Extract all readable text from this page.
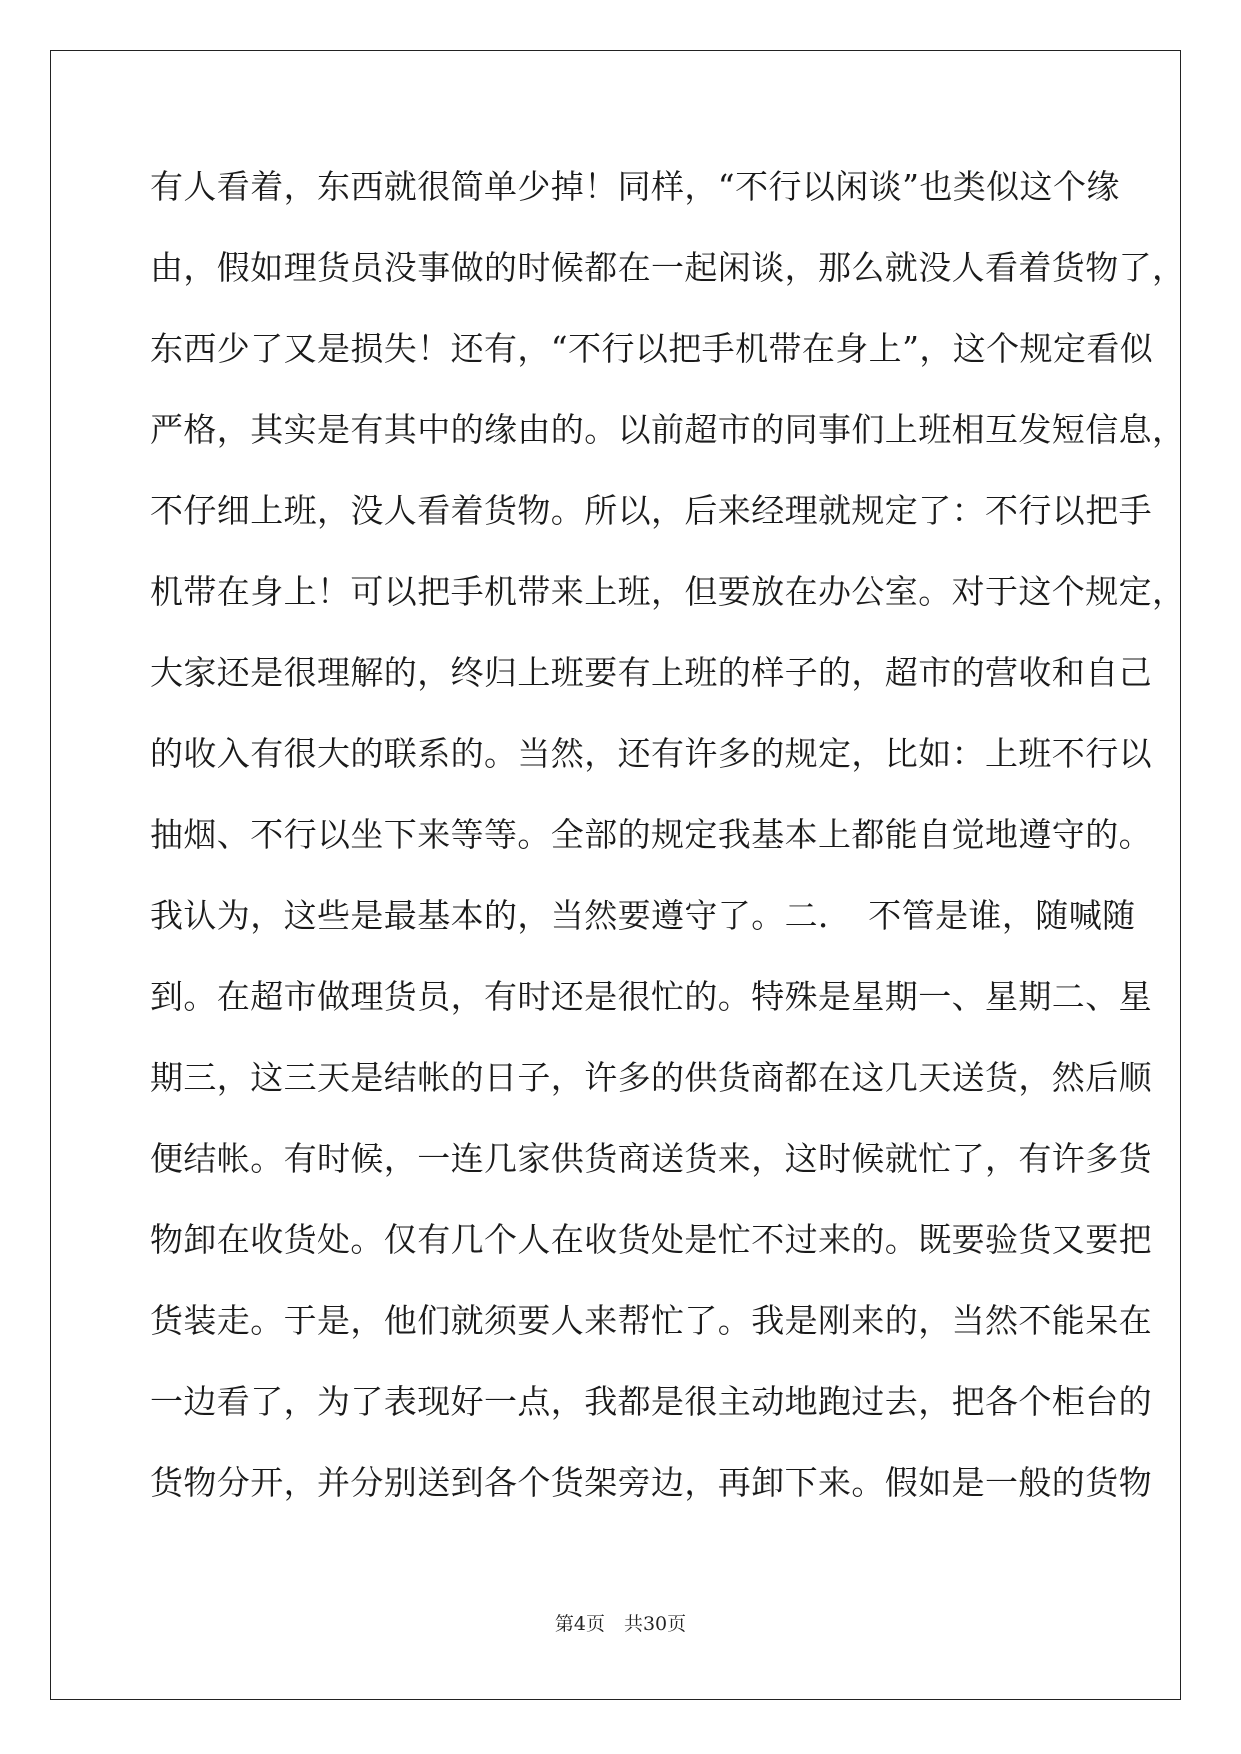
有人看着，东西就很简单少掉！同样，“不行以闲谈”也类似这个缘
由，假如理货员没事做的时候都在一起闲谈，那么就没人看着货物了，
东西少了又是损失！还有，“不行以把手机带在身上”，这个规定看似
严格，其实是有其中的缘由的。以前超市的同事们上班相互发短信息，
不仔细上班，没人看着货物。所以，后来经理就规定了：不行以把手
机带在身上！可以把手机带来上班，但要放在办公室。对于这个规定，
大家还是很理解的，终归上班要有上班的样子的，超市的营收和自己
的收入有很大的联系的。当然，还有许多的规定，比如：上班不行以
抽烟、不行以坐下来等等。全部的规定我基本上都能自觉地遵守的。
我认为，这些是最基本的，当然要遵守了。二．　不管是谁，随喊随
到。在超市做理货员，有时还是很忙的。特殊是星期一、星期二、星
期三，这三天是结帐的日子，许多的供货商都在这几天送货，然后顺
便结帐。有时候，一连几家供货商送货来，这时候就忙了，有许多货
物卸在收货处。仅有几个人在收货处是忙不过来的。既要验货又要把
货装走。于是，他们就须要人来帮忙了。我是刚来的，当然不能呆在
一边看了，为了表现好一点，我都是很主动地跑过去，把各个柜台的
货物分开，并分别送到各个货架旁边，再卸下来。假如是一般的货物
第4页　共30页
